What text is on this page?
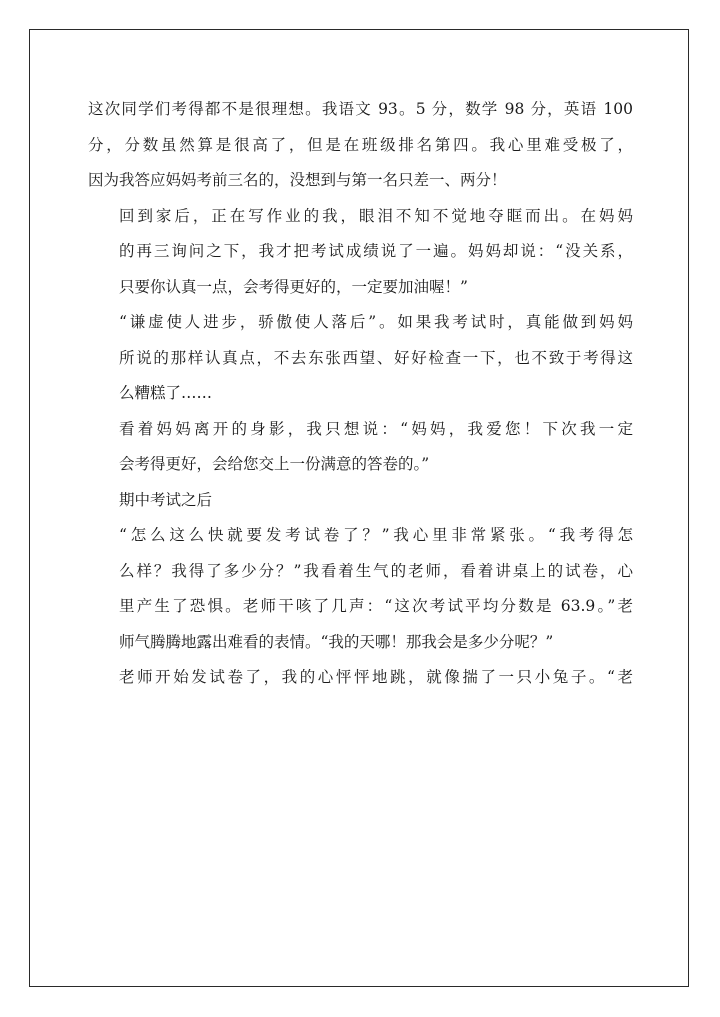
这次同学们考得都不是很理想。我语文 93。5 分，数学 98 分，英语 100
分，分数虽然算是很高了，但是在班级排名第四。我心里难受极了，
因为我答应妈妈考前三名的，没想到与第一名只差一、两分！

回到家后，正在写作业的我，眼泪不知不觉地夺眶而出。在妈妈
的再三询问之下，我才把考试成绩说了一遍。妈妈却说：“没关系，
只要你认真一点，会考得更好的，一定要加油喔！”

“谦虚使人进步，骄傲使人落后”。如果我考试时，真能做到妈妈
所说的那样认真点，不去东张西望、好好检查一下，也不致于考得这
么糟糕了……

看着妈妈离开的身影，我只想说：“妈妈，我爱您！下次我一定
会考得更好，会给您交上一份满意的答卷的。”

期中考试之后

“怎么这么快就要发考试卷了？”我心里非常紧张。“我考得怎
么样？我得了多少分？”我看着生气的老师，看着讲桌上的试卷，心
里产生了恐惧。老师干咳了几声：“这次考试平均分数是 63.9。”老
师气腾腾地露出难看的表情。“我的天哪！那我会是多少分呢？”

老师开始发试卷了，我的心怦怦地跳，就像揣了一只小兔子。“老
